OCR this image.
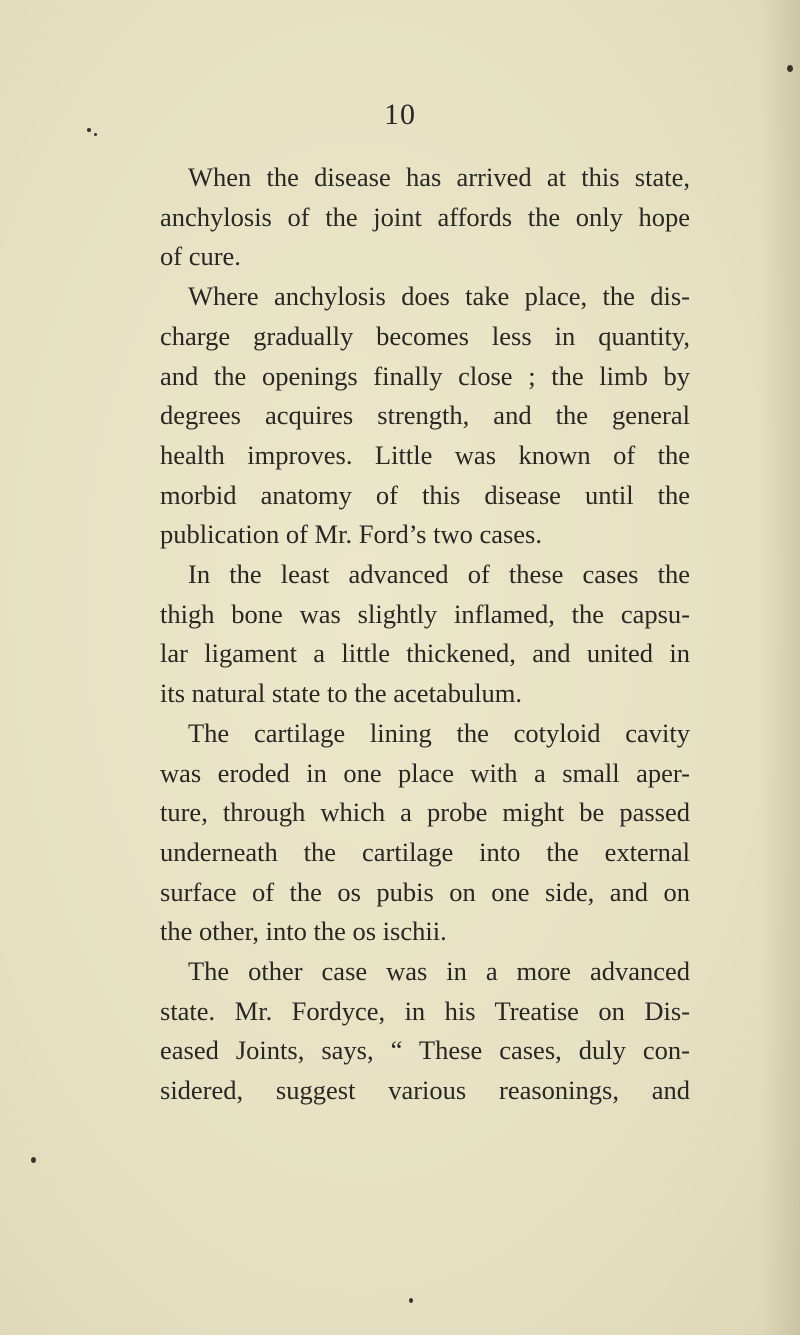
10

When the disease has arrived at this state,

anchylosis of the joint affords the only hope

of cure.

Where anchylosis does take place, the dis-

charge gradually becomes less in quantity,

and the openings finally close ; the limb by

degrees acquires strength, and the general

health improves. Little was known of the

morbid anatomy of this disease until the

publication of Mr. Ford’s two cases.

In the least advanced of these cases the

thigh bone was slightly inflamed, the capsu-

lar ligament a little thickened, and united in

its natural state to the acetabulum.

The cartilage lining the cotyloid cavity

was eroded in one place with a small aper-

ture, through which a probe might be passed

underneath the cartilage into the external

surface of the os pubis on one side, and on

the other, into the os ischii.

The other case was in a more advanced

state. Mr. Fordyce, in his Treatise on Dis-

eased Joints, says, “ These cases, duly con-

sidered, suggest various reasonings, and
